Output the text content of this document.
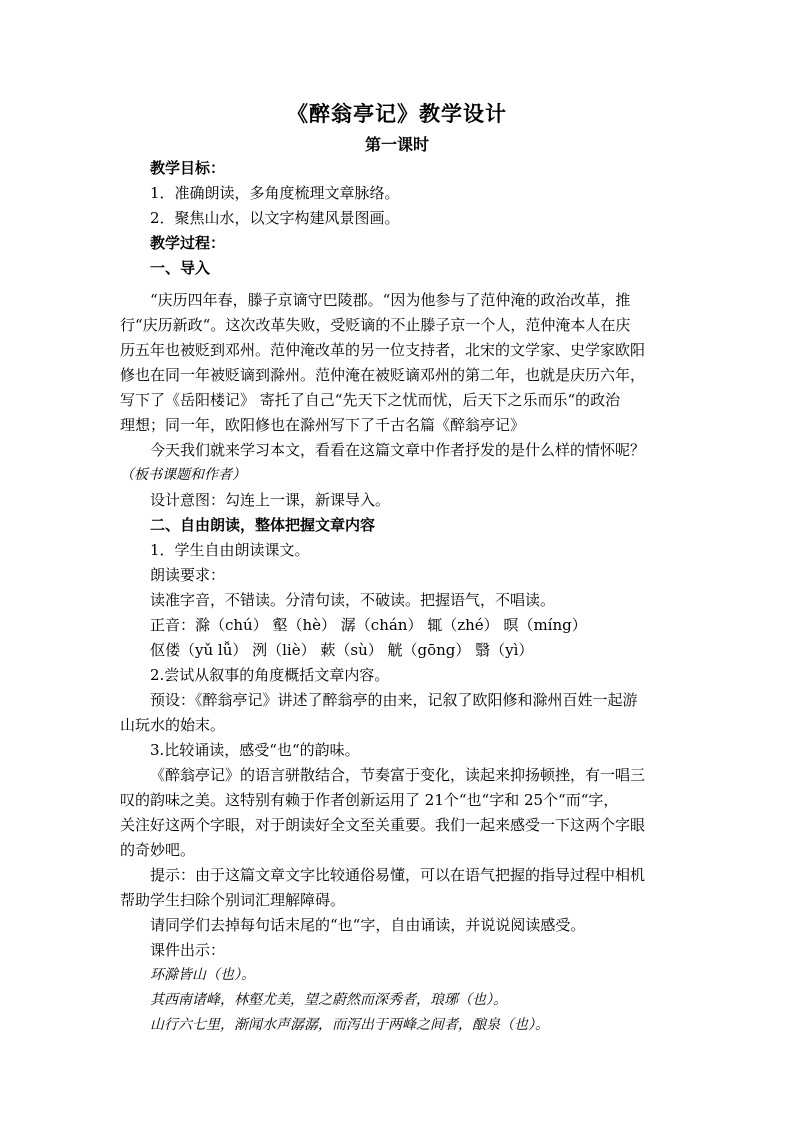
《醉翁亭记》教学设计
第一课时
教学目标：
1．准确朗读，多角度梳理文章脉络。
2．聚焦山水，以文字构建风景图画。
教学过程：
一、导入
“庆历四年春，滕子京谪守巴陵郡。“因为他参与了范仲淹的政治改革，推
行“庆历新政“。这次改革失败，受贬谪的不止滕子京一个人，范仲淹本人在庆
历五年也被贬到邓州。范仲淹改革的另一位支持者，北宋的文学家、史学家欧阳
修也在同一年被贬谪到滁州。范仲淹在被贬谪邓州的第二年，也就是庆历六年，
写下了《岳阳楼记》 寄托了自己“先天下之忧而忧，后天下之乐而乐“的政治
理想；同一年，欧阳修也在滁州写下了千古名篇《醉翁亭记》
今天我们就来学习本文，看看在这篇文章中作者抒发的是什么样的情怀呢？
（板书课题和作者）
设计意图：勾连上一课，新课导入。
二、自由朗读，整体把握文章内容
1．学生自由朗读课文。
朗读要求：
读准字音，不错读。分清句读，不破读。把握语气，不唱读。
正音：滁（chú） 壑（hè） 潺（chán） 辄（zhé） 暝（míng）
伛偻（yǔ lǚ） 洌（liè） 蔌（sù） 觥（gōng） 翳（yì）
2.尝试从叙事的角度概括文章内容。
预设：《醉翁亭记》讲述了醉翁亭的由来，记叙了欧阳修和滁州百姓一起游
山玩水的始末。
3.比较诵读，感受“也“的韵味。
《醉翁亭记》的语言骈散结合，节奏富于变化，读起来抑扬顿挫，有一唱三
叹的韵味之美。这特别有赖于作者创新运用了 21个“也“字和 25个“而“字，
关注好这两个字眼，对于朗读好全文至关重要。我们一起来感受一下这两个字眼
的奇妙吧。
提示：由于这篇文章文字比较通俗易懂，可以在语气把握的指导过程中相机
帮助学生扫除个别词汇理解障碍。
请同学们去掉每句话末尾的“也“字，自由诵读，并说说阅读感受。
课件出示：
环滁皆山（也）。
其西南诸峰，林壑尤美，望之蔚然而深秀者，琅琊（也）。
山行六七里，渐闻水声潺潺，而泻出于两峰之间者，酿泉（也）。
